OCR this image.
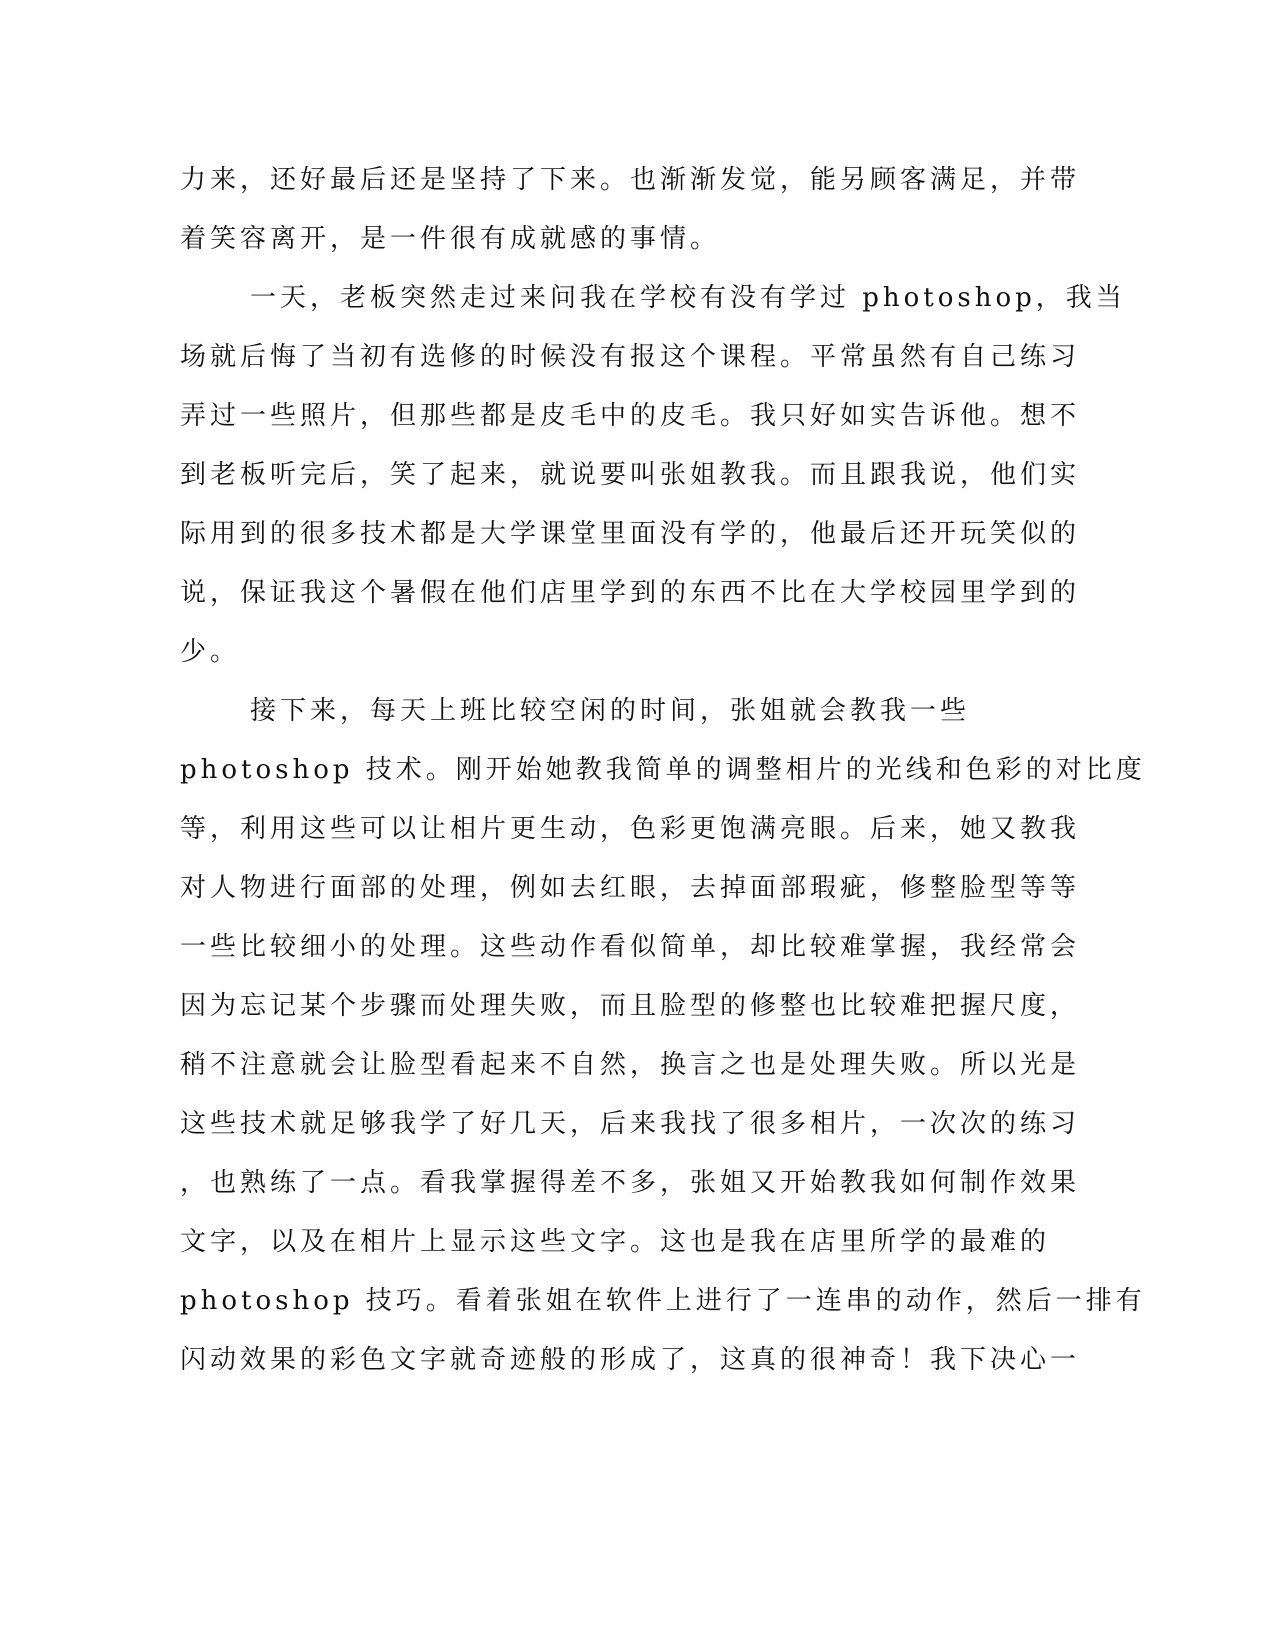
力来，还好最后还是坚持了下来。也渐渐发觉，能另顾客满足，并带
着笑容离开，是一件很有成就感的事情。
一天，老板突然走过来问我在学校有没有学过 photoshop，我当
场就后悔了当初有选修的时候没有报这个课程。平常虽然有自己练习
弄过一些照片，但那些都是皮毛中的皮毛。我只好如实告诉他。想不
到老板听完后，笑了起来，就说要叫张姐教我。而且跟我说，他们实
际用到的很多技术都是大学课堂里面没有学的，他最后还开玩笑似的
说，保证我这个暑假在他们店里学到的东西不比在大学校园里学到的
少。
接下来，每天上班比较空闲的时间，张姐就会教我一些
photoshop 技术。刚开始她教我简单的调整相片的光线和色彩的对比度
等，利用这些可以让相片更生动，色彩更饱满亮眼。后来，她又教我
对人物进行面部的处理，例如去红眼，去掉面部瑕疵，修整脸型等等
一些比较细小的处理。这些动作看似简单，却比较难掌握，我经常会
因为忘记某个步骤而处理失败，而且脸型的修整也比较难把握尺度，
稍不注意就会让脸型看起来不自然，换言之也是处理失败。所以光是
这些技术就足够我学了好几天，后来我找了很多相片，一次次的练习
，也熟练了一点。看我掌握得差不多，张姐又开始教我如何制作效果
文字，以及在相片上显示这些文字。这也是我在店里所学的最难的
photoshop 技巧。看着张姐在软件上进行了一连串的动作，然后一排有
闪动效果的彩色文字就奇迹般的形成了，这真的很神奇！我下决心一
